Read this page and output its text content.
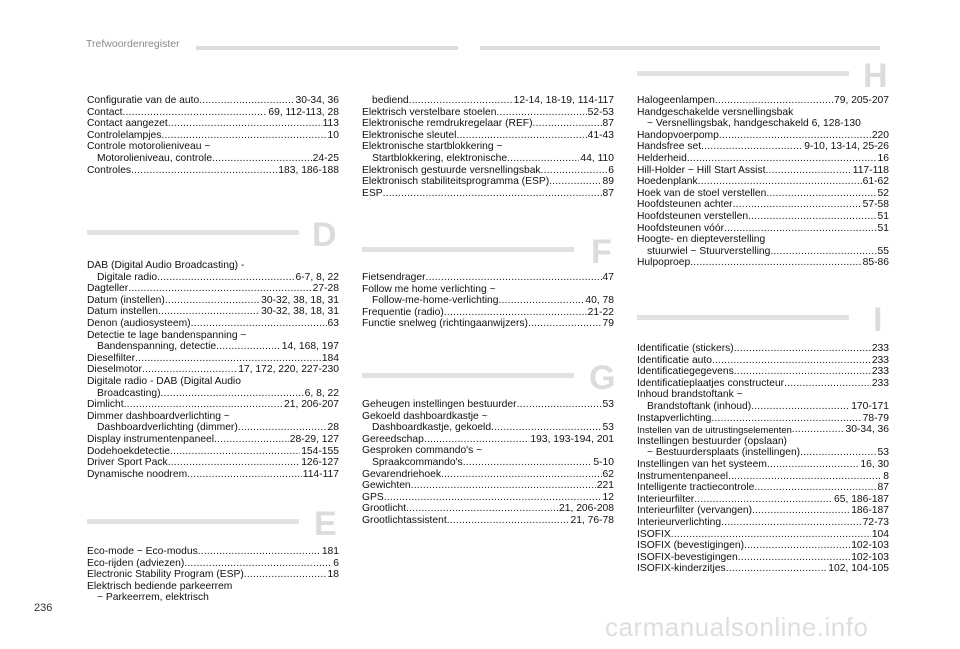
Trefwoordenregister
Configuratie van de auto .....	30-34, 36
Contact .....	69, 112-113, 28
Contact aangezet .....	113
Controlelampjes .....	10
Controle motorolieniveau ~
Motorolieniveau, controle .....	24-25
Controles .....	183, 186-188
D
DAB (Digital Audio Broadcasting) -
Digitale radio .....	6-7, 8, 22
Dagteller .....	27-28
Datum (instellen) .....	30-32, 38, 18, 31
Datum instellen .....	30-32, 38, 18, 31
Denon (audiosysteem) .....	63
Detectie te lage bandenspanning ~
Bandenspanning, detectie .....	14, 168, 197
Dieselfilter .....	184
Dieselmotor .....	17, 172, 220, 227-230
Digitale radio - DAB (Digital Audio
Broadcasting) .....	6, 8, 22
Dimlicht .....	21, 206-207
Dimmer dashboardverlichting ~
Dashboardverlichting (dimmer) .....	28
Display instrumentenpaneel .....	28-29, 127
Dodehoekdetectie .....	154-155
Driver Sport Pack .....	126-127
Dynamische noodrem .....	114-117
E
Eco-mode ~ Eco-modus .....	181
Eco-rijden (adviezen) .....	6
Electronic Stability Program (ESP) .....	18
Elektrisch bediende parkeerrem
~ Parkeerrem, elektrisch
bediend .....	12-14, 18-19, 114-117
Elektrisch verstelbare stoelen .....	52-53
Elektronische remdrukregelaar (REF) .....	87
Elektronische sleutel .....	41-43
Elektronische startblokkering ~
Startblokkering, elektronische .....	44, 110
Elektronisch gestuurde versnellingsbak .....	6
Elektronisch stabiliteitsprogramma (ESP) .....	89
ESP .....	87
F
Fietsendrager .....	47
Follow me home verlichting ~
Follow-me-home-verlichting .....	40, 78
Frequentie (radio) .....	21-22
Functie snelweg (richtingaanwijzers) .....	79
G
Geheugen instellingen bestuurder .....	53
Gekoeld dashboardkastje ~
Dashboardkastje, gekoeld .....	53
Gereedschap .....	193, 193-194, 201
Gesproken commando's ~
Spraakcommando's .....	5-10
Gevarendriehoek .....	62
Gewichten .....	221
GPS .....	12
Grootlicht .....	21, 206-208
Grootlichtassistent .....	21, 76-78
H
Halogeenlampen .....	79, 205-207
Handgeschakelde versnellingsbak
~ Versnellingsbak, handgeschakeld 6, 128-130
Handopvoerpomp .....	220
Handsfree set .....	9-10, 13-14, 25-26
Helderheid .....	16
Hill-Holder ~ Hill Start Assist .....	117-118
Hoedenplank .....	61-62
Hoek van de stoel verstellen .....	52
Hoofdsteunen achter .....	57-58
Hoofdsteunen verstellen .....	51
Hoofdsteunen vóór .....	51
Hoogte- en diepteverstelling
stuurwiel ~ Stuurverstelling .....	55
Hulpoproep .....	85-86
I
Identificatie (stickers) .....	233
Identificatie auto .....	233
Identificatiegegevens .....	233
Identificatieplaatjes constructeur .....	233
Inhoud brandstoftank ~
Brandstoftank (inhoud) .....	170-171
Instapverlichting .....	78-79
Instellen van de uitrustingselementen .....	30-34, 36
Instellingen bestuurder (opslaan)
~ Bestuurdersplaats (instellingen) .....	53
Instellingen van het systeem .....	16, 30
Instrumentenpaneel .....	8
Intelligente tractiecontrole .....	87
Interieurfilter .....	65, 186-187
Interieurfilter (vervangen) .....	186-187
Interieurverlichting .....	72-73
ISOFIX .....	104
ISOFIX (bevestigingen) .....	102-103
ISOFIX-bevestigingen .....	102-103
ISOFIX-kinderzitjes .....	102, 104-105
236
carmanualsonline.info
